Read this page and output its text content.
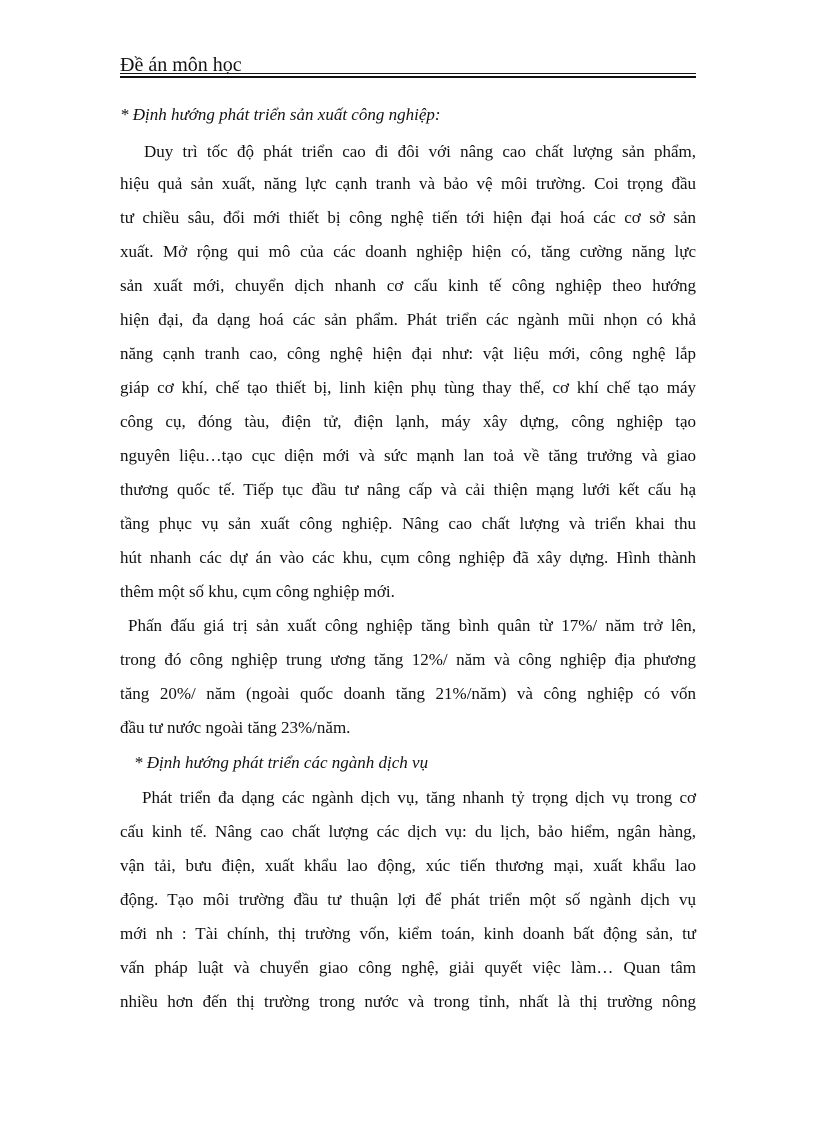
Đề án môn học
* Định hướng phát triển sản xuất công nghiệp:
Duy trì tốc độ phát triển cao đi đôi với nâng cao chất lượng sản phẩm,
hiệu quả sản xuất, năng lực cạnh tranh và bảo vệ môi trường. Coi trọng đầu
tư chiều sâu, đổi mới thiết bị công nghệ tiến tới hiện đại hoá các cơ sở sản
xuất. Mở rộng qui mô của các doanh nghiệp hiện có, tăng cường năng lực
sản xuất mới, chuyển dịch nhanh cơ cấu kinh tế công nghiệp theo hướng
hiện đại, đa dạng hoá các sản phẩm. Phát triển các ngành mũi nhọn có khả
năng cạnh tranh cao, công nghệ hiện đại như: vật liệu mới, công nghệ lắp
giáp cơ khí, chế tạo thiết bị, linh kiện phụ tùng thay thế, cơ khí chế tạo máy
công cụ, đóng tàu, điện tử, điện lạnh, máy xây dựng, công nghiệp tạo
nguyên liệu…tạo cục diện mới và sức mạnh lan toả về tăng trưởng và giao
thương quốc tế. Tiếp tục đầu tư nâng cấp và cải thiện mạng lưới kết cấu hạ
tầng phục vụ sản xuất công nghiệp. Nâng cao chất lượng và triển khai thu
hút nhanh các dự án vào các khu, cụm công nghiệp đã xây dựng. Hình thành
thêm một số khu, cụm công nghiệp mới.
Phấn đấu giá trị sản xuất công nghiệp tăng bình quân từ 17%/ năm trở lên,
trong đó công nghiệp trung ương tăng 12%/ năm và công nghiệp địa phương
tăng 20%/ năm (ngoài quốc doanh tăng 21%/năm) và công nghiệp có vốn
đầu tư nước ngoài tăng 23%/năm.
* Định hướng phát triển các ngành dịch vụ
Phát triển đa dạng các ngành dịch vụ, tăng nhanh tỷ trọng dịch vụ trong cơ
cấu kinh tế. Nâng cao chất lượng các dịch vụ: du lịch, bảo hiểm, ngân hàng,
vận tải, bưu điện, xuất khẩu lao động, xúc tiến thương mại, xuất khẩu lao
động. Tạo môi trường đầu tư thuận lợi để phát triển một số ngành dịch vụ
mới nh : Tài chính, thị trường vốn, kiểm toán, kinh doanh bất động sản, tư
vấn pháp luật và chuyển giao công nghệ, giải quyết việc làm… Quan tâm
nhiều hơn đến thị trường trong nước và trong tỉnh, nhất là thị trường nông
